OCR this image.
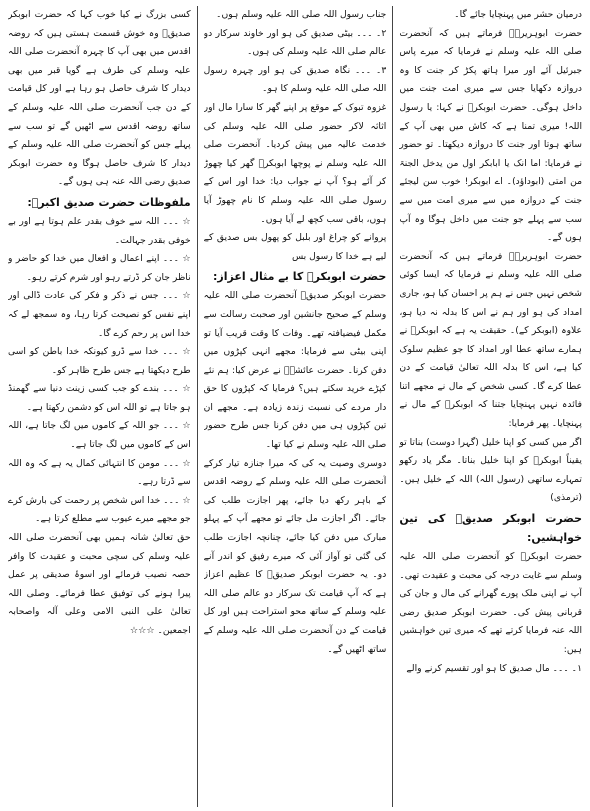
درمیان حشر میں پہنچایا جائے گا۔

حضرت ابوہریرہؓ فرماتے ہیں کہ آنحضرت صلی اللہ علیہ وسلم نے فرمایا کہ میرے پاس جبرئیل آئے اور میرا ہاتھ پکڑ کر جنت کا وہ دروازہ دکھایا جس سے میری امت جنت میں داخل ہوگی۔ حضرت ابوبکرؓ نے کہا: یا رسول اللہ! میری تمنا ہے کہ کاش میں بھی آپ کے ساتھ ہوتا اور جنت کا دروازہ دیکھتا۔ تو حضور نے فرمایا: اما انک یا ابابکر اول من یدخل الجنۃ من امتی (ابوداؤد)۔ اے ابوبکر! خوب سن لیجئے جنت کے دروازہ میں سے میری امت میں سے سب سے پہلے جو جنت میں داخل ہوگا وہ آپ ہوں گے۔

حضرت ابوہریرہؓ فرماتے ہیں کہ آنحضرت صلی اللہ علیہ وسلم نے فرمایا کہ ایسا کوئی شخص نہیں جس نے ہم پر احسان کیا ہو، جاری امداد کی ہو اور ہم نے اس کا بدلہ نہ دیا ہو، علاوہ (ابوبکر کے)۔ حقیقت یہ ہے کہ ابوبکرؓ نے ہمارے ساتھ عطا اور امداد کا جو عظیم سلوک کیا ہے، اس کا بدلہ اللہ تعالیٰ قیامت کے دن عطا کرے گا۔ کسی شخص کے مال نے مجھے اتنا فائدہ نہیں پہنچایا جتنا کہ ابوبکرؓ کے مال نے پہنچایا۔ پھر فرمایا:

اگر میں کسی کو اپنا خلیل (گہرا دوست) بناتا تو یقیناً ابوبکرؓ کو اپنا خلیل بناتا۔ مگر یاد رکھو تمہارے ساتھی (رسول اللہ) اللہ کے خلیل ہیں۔ (ترمذی)

حضرت ابوبکر صدیقؓ کی تین خواہشیں:

حضرت ابوبکرؓ کو آنحضرت صلی اللہ علیہ وسلم سے غایت درجہ کی محبت و عقیدت تھی۔ آپ نے اپنی ملک پورے گھرانے کی مال و جان کی قربانی پیش کی۔ حضرت ابوبکر صدیق رضی اللہ عنہ فرمایا کرتے تھے کہ میری تین خواہشیں ہیں:

۱۔ ۔۔۔ مال صدیق کا ہو اور تقسیم کرنے والے

جناب رسول اللہ صلی اللہ علیہ وسلم ہوں۔

۲۔ ۔۔۔ بیٹی صدیق کی ہو اور خاوند سرکار دو عالم صلی اللہ علیہ وسلم کی ہوں۔

۳۔ ۔۔۔ نگاہ صدیق کی ہو اور چہرہ رسول اللہ صلی اللہ علیہ وسلم کا ہو۔

غزوہ تبوک کے موقع پر اپنے گھر کا سارا مال اور اثاثہ لاکر حضور صلی اللہ علیہ وسلم کی خدمت عالیہ میں پیش کردیا۔ آنحضرت صلی اللہ علیہ وسلم نے پوچھا ابوبکرؓ گھر کیا چھوڑ کر آئے ہو؟ آپ نے جواب دیا: خدا اور اس کے رسول صلی اللہ علیہ وسلم کا نام چھوڑ آیا ہوں، باقی سب کچھ لے آیا ہوں۔

پروانے کو چراغ اور بلبل کو پھول بس صدیق کے لیے ہے خدا کا رسول بس

حضرت ابوبکرؓ کا بے مثال اعزاز:

حضرت ابوبکر صدیقؓ آنحضرت صلی اللہ علیہ وسلم کے صحیح جانشین اور صحبت رسالت سے مکمل فیضیافتہ تھے۔ وفات کا وقت قریب آیا تو اپنی بیٹی سے فرمایا: مجھے انہی کپڑوں میں دفن کرنا۔ حضرت عائشہؓ نے عرض کیا: ہم نئے کپڑے خرید سکتے ہیں؟ فرمایا کہ کپڑوں کا حق دار مردے کی نسبت زندہ زیادہ ہے۔ مجھے ان تین کپڑوں ہی میں دفن کرنا جس طرح حضور صلی اللہ علیہ وسلم نے کیا تھا۔

دوسری وصیت یہ کی کہ میرا جنازہ تیار کرکے آنحضرت صلی اللہ علیہ وسلم کے روضہ اقدس کے باہر رکھ دیا جائے، پھر اجازت طلب کی جائے۔ اگر اجازت مل جائے تو مجھے آپ کے پہلو مبارک میں دفن کیا جائے، چنانچہ اجازت طلب کی گئی تو آواز آئی کہ میرے رفیق کو اندر آنے دو۔ یہ حضرت ابوبکر صدیقؓ کا عظیم اعزاز ہے کہ آپ قیامت تک سرکار دو عالم صلی اللہ علیہ وسلم کے ساتھ محو استراحت ہیں اور کل قیامت کے دن آنحضرت صلی اللہ علیہ وسلم کے ساتھ اٹھیں گے۔

کسی بزرگ نے کیا خوب کہا کہ حضرت ابوبکر صدیقؓ وہ خوش قسمت ہستی ہیں کہ روضہ اقدس میں بھی آپ کا چہرہ آنحضرت صلی اللہ علیہ وسلم کی طرف ہے گویا قبر میں بھی دیدار کا شرف حاصل ہو رہا ہے اور کل قیامت کے دن جب آنحضرت صلی اللہ علیہ وسلم کے ساتھ روضہ اقدس سے اٹھیں گے تو سب سے پہلے جس کو آنحضرت صلی اللہ علیہ وسلم کے دیدار کا شرف حاصل ہوگا وہ حضرت ابوبکر صدیق رضی اللہ عنہ ہی ہوں گے۔

ملفوظات حضرت صدیق اکبرؓ:

☆ ۔۔۔ اللہ سے خوف بقدر علم ہوتا ہے اور بے خوفی بقدر جہالت۔

☆ ۔۔۔ اپنے اعمال و افعال میں خدا کو حاضر و ناظر جان کر ڈرتے رہو اور شرم کرتے رہو۔

☆ ۔۔۔ جس نے ذکر و فکر کی عادت ڈالی اور اپنے نفس کو نصیحت کرتا رہا، وہ سمجھ لے کہ خدا اس پر رحم کرے گا۔

☆ ۔۔۔ خدا سے ڈرو کیونکہ خدا باطن کو اسی طرح دیکھتا ہے جس طرح ظاہر کو۔

☆ ۔۔۔ بندے کو جب کسی زینت دنیا سے گھمنڈ ہو جاتا ہے تو اللہ اس کو دشمن رکھتا ہے۔

☆ ۔۔۔ جو اللہ کے کاموں میں لگ جاتا ہے، اللہ اس کے کاموں میں لگ جاتا ہے۔

☆ ۔۔۔ مومن کا انتہائی کمال یہ ہے کہ وہ اللہ سے ڈرتا رہے۔

☆ ۔۔۔ خدا اس شخص پر رحمت کی بارش کرے جو مجھے میرے عیوب سے مطلع کرتا ہے۔

حق تعالیٰ شانہ ہمیں بھی آنحضرت صلی اللہ علیہ وسلم کی سچی محبت و عقیدت کا وافر حصہ نصیب فرمائے اور اسوۂ صدیقی پر عمل پیرا ہونے کی توفیق عطا فرمائے۔ وصلی اللہ تعالیٰ علی النبی الامی وعلی آلہ واصحابہ اجمعین۔ ☆☆☆
